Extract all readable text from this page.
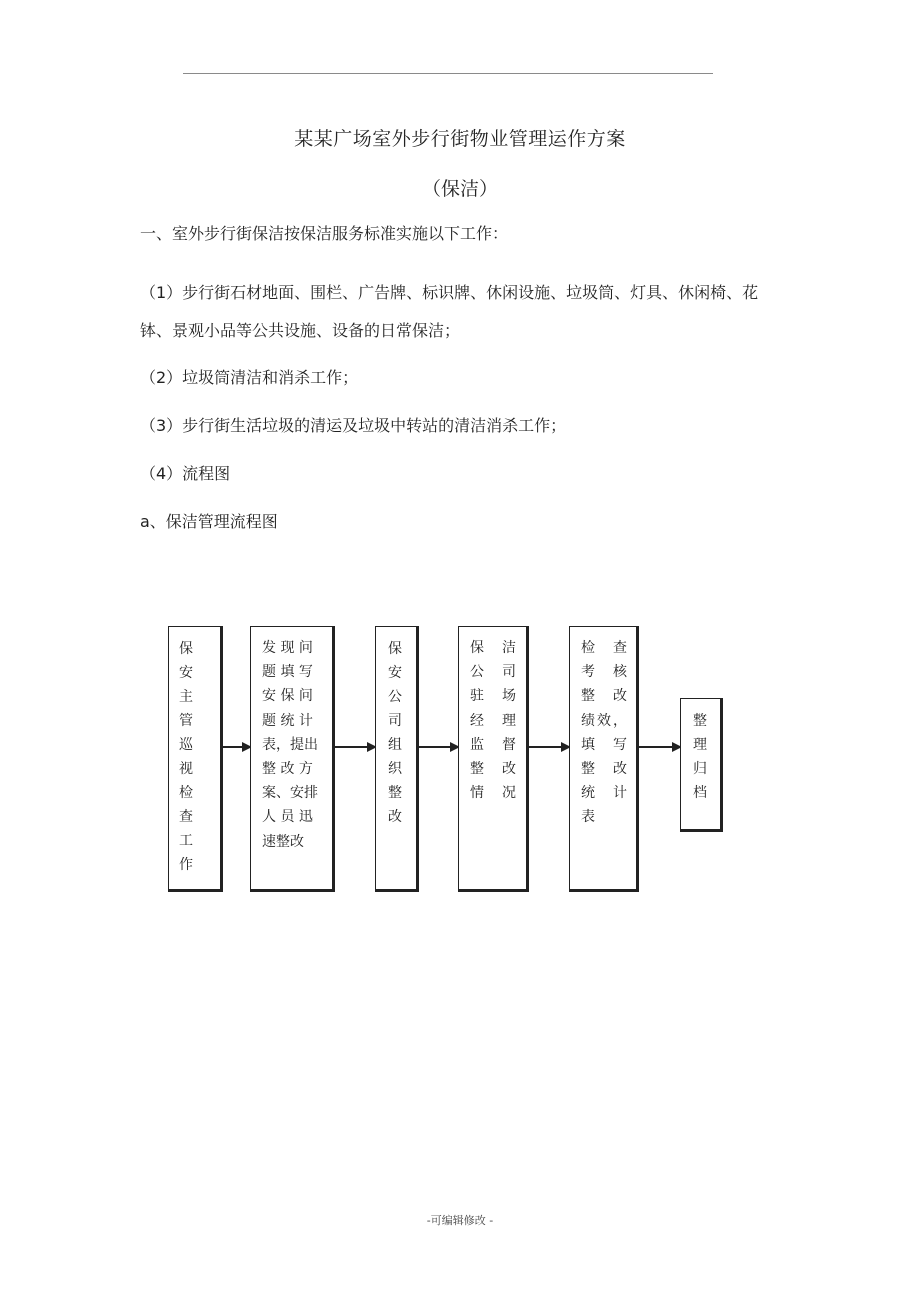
某某广场室外步行街物业管理运作方案
（保洁）
一、室外步行街保洁按保洁服务标准实施以下工作：
（1）步行街石材地面、围栏、广告牌、标识牌、休闲设施、垃圾筒、灯具、休闲椅、花钵、景观小品等公共设施、设备的日常保洁；
（2）垃圾筒清洁和消杀工作；
（3）步行街生活垃圾的清运及垃圾中转站的清洁消杀工作；
（4）流程图
a、保洁管理流程图
保
安
主
管
巡
视
检
查
工
作
发 现 问
题 填 写
安 保 问
题 统 计
表，提出
整 改 方
案、安排
人 员 迅
速整改
保
安
公
司
组
织
整
改
保 洁
公 司
驻 场
经 理
监 督
整 改
情况
检 查
考 核
整 改
绩效，
填 写
整 改
统 计
表
整
理
归
档
-可编辑修改 -
